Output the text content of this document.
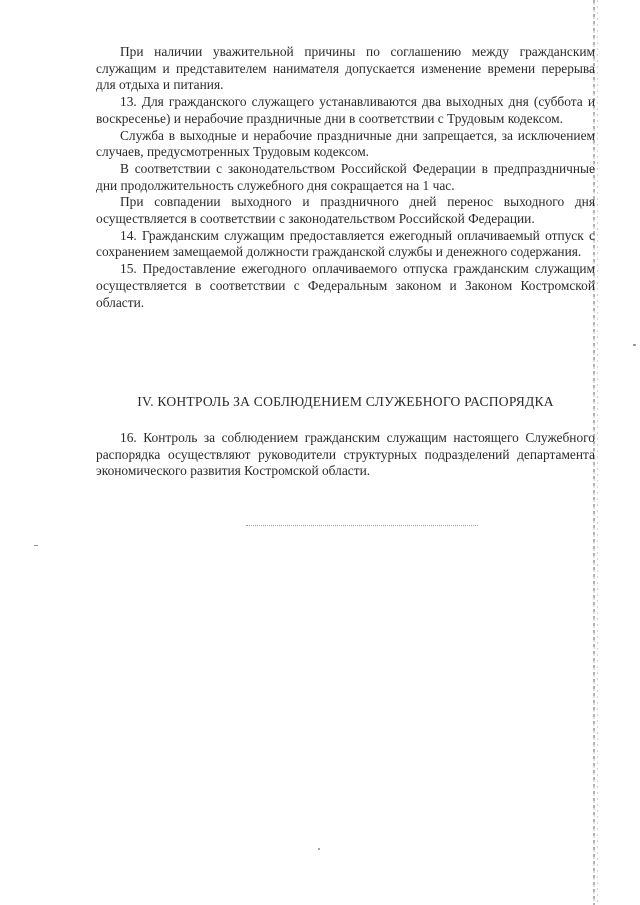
При наличии уважительной причины по соглашению между гражданским служащим и представителем нанимателя допускается изменение времени перерыва для отдыха и питания.

13. Для гражданского служащего устанавливаются два выходных дня (суббота и воскресенье) и нерабочие праздничные дни в соответствии с Трудовым кодексом.

Служба в выходные и нерабочие праздничные дни запрещается, за исключением случаев, предусмотренных Трудовым кодексом.

В соответствии с законодательством Российской Федерации в предпраздничные дни продолжительность служебного дня сокращается на 1 час.

При совпадении выходного и праздничного дней перенос выходного дня осуществляется в соответствии с законодательством Российской Федерации.

14. Гражданским служащим предоставляется ежегодный оплачиваемый отпуск с сохранением замещаемой должности гражданской службы и денежного содержания.

15. Предоставление ежегодного оплачиваемого отпуска гражданским служащим осуществляется в соответствии с Федеральным законом и Законом Костромской области.

IV. КОНТРОЛЬ ЗА СОБЛЮДЕНИЕМ СЛУЖЕБНОГО РАСПОРЯДКА

16. Контроль за соблюдением гражданским служащим настоящего Служебного распорядка осуществляют руководители структурных подразделений департамента экономического развития Костромской области.
